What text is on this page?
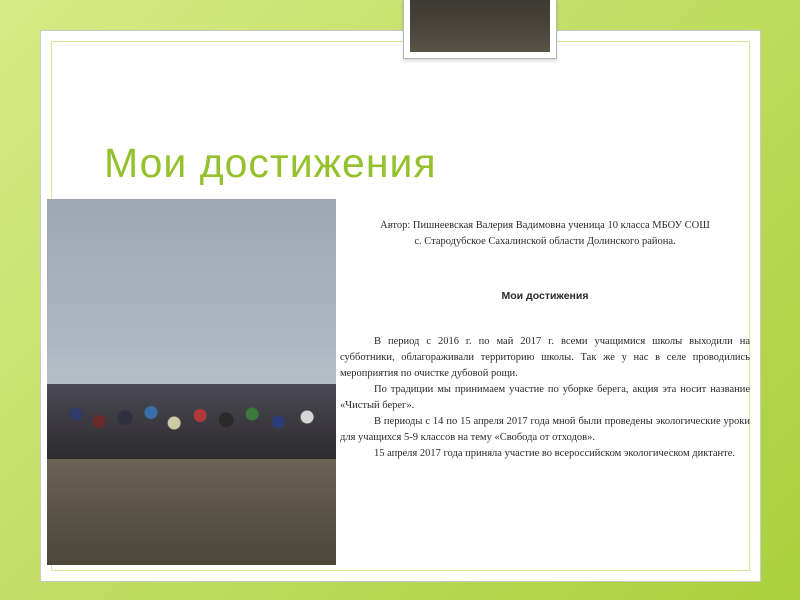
Мои достижения

Автор: Пишнеевская Валерия Вадимовна ученица 10 класса МБОУ СОШ

с. Стародубское Сахалинской области Долинского района.

Мои достижения

В период с 2016 г. по май 2017 г. всеми учащимися школы выходили на субботники, облагораживали территорию школы. Так же у нас в селе проводились мероприятия по очистке дубовой рощи.

По традиции мы принимаем участие по уборке берега, акция эта носит название «Чистый берег».

В периоды с 14 по 15 апреля 2017 года мной были проведены экологические уроки для учащихся 5-9 классов на тему «Свобода от отходов».

15 апреля 2017 года приняла участие во всероссийском экологическом диктанте.
